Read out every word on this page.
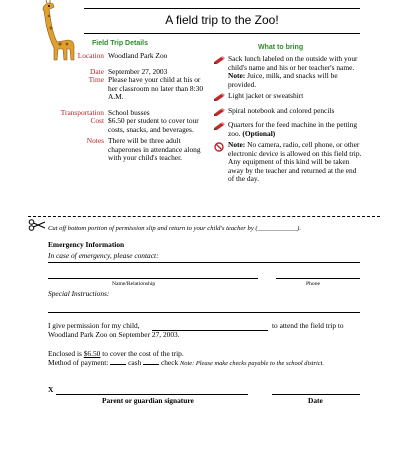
A field trip to the Zoo!
Field Trip Details
What to bring
Location Woodland Park Zoo
Date September 27, 2003
Time Please have your child at his or her classroom no later than 8:30 A.M.
Transportation School busses
Cost $6.50 per student to cover tour costs, snacks, and beverages.
Notes There will be three adult chaperones in attendance along with your child's teacher.
Sack lunch labeled on the outside with your child's name and his or her teacher's name. Note: Juice, milk, and snacks will be provided.
Light jacket or sweatshirt
Spiral notebook and colored pencils
Quarters for the feed machine in the petting zoo. (Optional)
Note: No camera, radio, cell phone, or other electronic device is allowed on this field trip. Any equipment of this kind will be taken away by the teacher and returned at the end of the day.
Cut off bottom portion of permission slip and return to your child's teacher by (____________).
Emergency Information
In case of emergency, please contact:
Name/Relationship	Phone
Special Instructions:
I give permission for my child,	to attend the field trip to
Woodland Park Zoo on September 27, 2003.
Enclosed is $6.50 to cover the cost of the trip.
Method of payment:	cash	check Note: Please make checks payable to the school district.
X
Parent or guardian signature	Date
